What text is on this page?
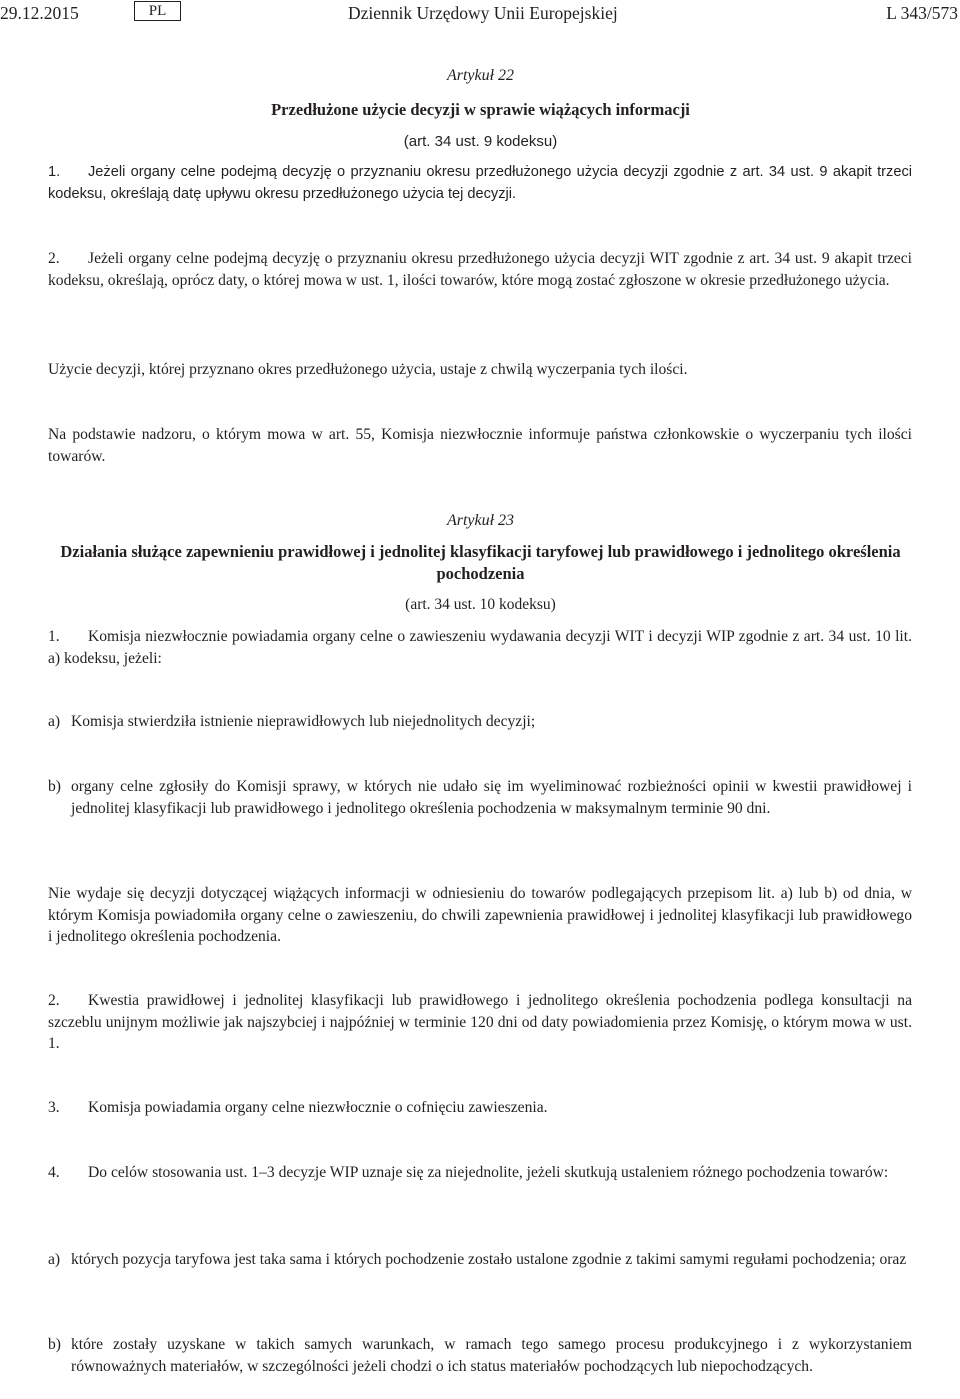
29.12.2015	PL	Dziennik Urzędowy Unii Europejskiej	L 343/573
Artykuł 22
Przedłużone użycie decyzji w sprawie wiążących informacji
(art. 34 ust. 9 kodeksu)
1. Jeżeli organy celne podejmą decyzję o przyznaniu okresu przedłużonego użycia decyzji zgodnie z art. 34 ust. 9 akapit trzeci kodeksu, określają datę upływu okresu przedłużonego użycia tej decyzji.
2. Jeżeli organy celne podejmą decyzję o przyznaniu okresu przedłużonego użycia decyzji WIT zgodnie z art. 34 ust. 9 akapit trzeci kodeksu, określają, oprócz daty, o której mowa w ust. 1, ilości towarów, które mogą zostać zgłoszone w okresie przedłużonego użycia.
Użycie decyzji, której przyznano okres przedłużonego użycia, ustaje z chwilą wyczerpania tych ilości.
Na podstawie nadzoru, o którym mowa w art. 55, Komisja niezwłocznie informuje państwa członkowskie o wyczerpaniu tych ilości towarów.
Artykuł 23
Działania służące zapewnieniu prawidłowej i jednolitej klasyfikacji taryfowej lub prawidłowego i jednolitego określenia pochodzenia
(art. 34 ust. 10 kodeksu)
1. Komisja niezwłocznie powiadamia organy celne o zawieszeniu wydawania decyzji WIT i decyzji WIP zgodnie z art. 34 ust. 10 lit. a) kodeksu, jeżeli:
a) Komisja stwierdziła istnienie nieprawidłowych lub niejednolitych decyzji;
b) organy celne zgłosiły do Komisji sprawy, w których nie udało się im wyeliminować rozbieżności opinii w kwestii prawidłowej i jednolitej klasyfikacji lub prawidłowego i jednolitego określenia pochodzenia w maksymalnym terminie 90 dni.
Nie wydaje się decyzji dotyczącej wiążących informacji w odniesieniu do towarów podlegających przepisom lit. a) lub b) od dnia, w którym Komisja powiadomiła organy celne o zawieszeniu, do chwili zapewnienia prawidłowej i jednolitej klasyfikacji lub prawidłowego i jednolitego określenia pochodzenia.
2. Kwestia prawidłowej i jednolitej klasyfikacji lub prawidłowego i jednolitego określenia pochodzenia podlega konsultacji na szczeblu unijnym możliwie jak najszybciej i najpóźniej w terminie 120 dni od daty powiadomienia przez Komisję, o którym mowa w ust. 1.
3. Komisja powiadamia organy celne niezwłocznie o cofnięciu zawieszenia.
4. Do celów stosowania ust. 1–3 decyzje WIP uznaje się za niejednolite, jeżeli skutkują ustaleniem różnego pochodzenia towarów:
a) których pozycja taryfowa jest taka sama i których pochodzenie zostało ustalone zgodnie z takimi samymi regułami pochodzenia; oraz
b) które zostały uzyskane w takich samych warunkach, w ramach tego samego procesu produkcyjnego i z wykorzystaniem równoważnych materiałów, w szczególności jeżeli chodzi o ich status materiałów pochodzących lub niepochodzących.
